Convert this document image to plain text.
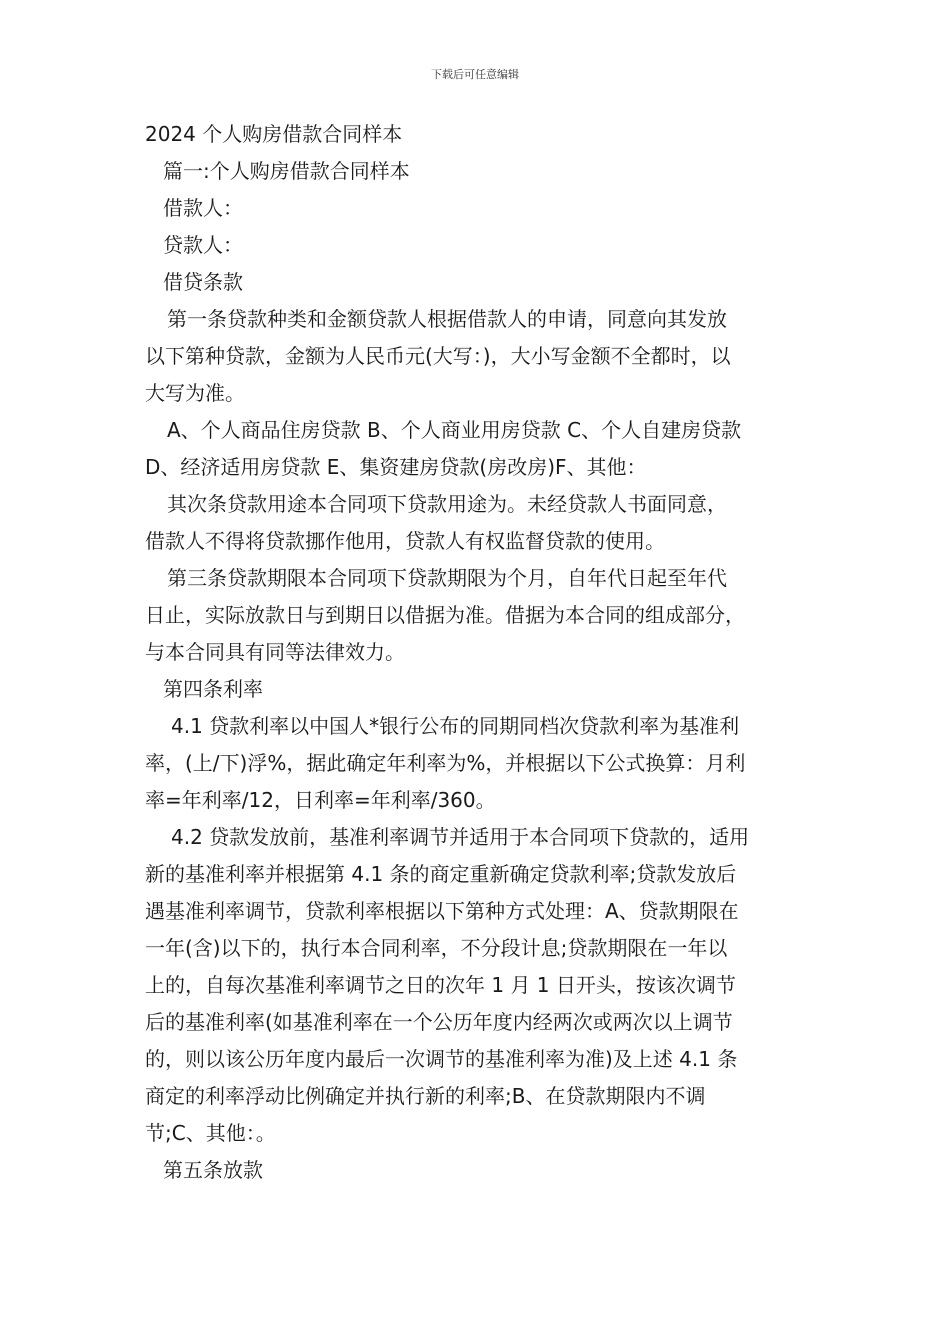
下载后可任意编辑
2024 个人购房借款合同样本
篇一:个人购房借款合同样本
借款人：
贷款人：
借贷条款
第一条贷款种类和金额贷款人根据借款人的申请，同意向其发放
以下第种贷款，金额为人民币元(大写：)，大小写金额不全都时，以
大写为准。
A、个人商品住房贷款 B、个人商业用房贷款 C、个人自建房贷款
D、经济适用房贷款 E、集资建房贷款(房改房)F、其他：
其次条贷款用途本合同项下贷款用途为。未经贷款人书面同意，
借款人不得将贷款挪作他用，贷款人有权监督贷款的使用。
第三条贷款期限本合同项下贷款期限为个月，自年代日起至年代
日止，实际放款日与到期日以借据为准。借据为本合同的组成部分，
与本合同具有同等法律效力。
第四条利率
4.1 贷款利率以中国人*银行公布的同期同档次贷款利率为基准利
率，(上/下)浮%，据此确定年利率为%，并根据以下公式换算：月利
率=年利率/12，日利率=年利率/360。
4.2 贷款发放前，基准利率调节并适用于本合同项下贷款的，适用
新的基准利率并根据第 4.1 条的商定重新确定贷款利率;贷款发放后
遇基准利率调节，贷款利率根据以下第种方式处理：A、贷款期限在
一年(含)以下的，执行本合同利率，不分段计息;贷款期限在一年以
上的，自每次基准利率调节之日的次年 1 月 1 日开头，按该次调节
后的基准利率(如基准利率在一个公历年度内经两次或两次以上调节
的，则以该公历年度内最后一次调节的基准利率为准)及上述 4.1 条
商定的利率浮动比例确定并执行新的利率;B、在贷款期限内不调
节;C、其他：。
第五条放款
